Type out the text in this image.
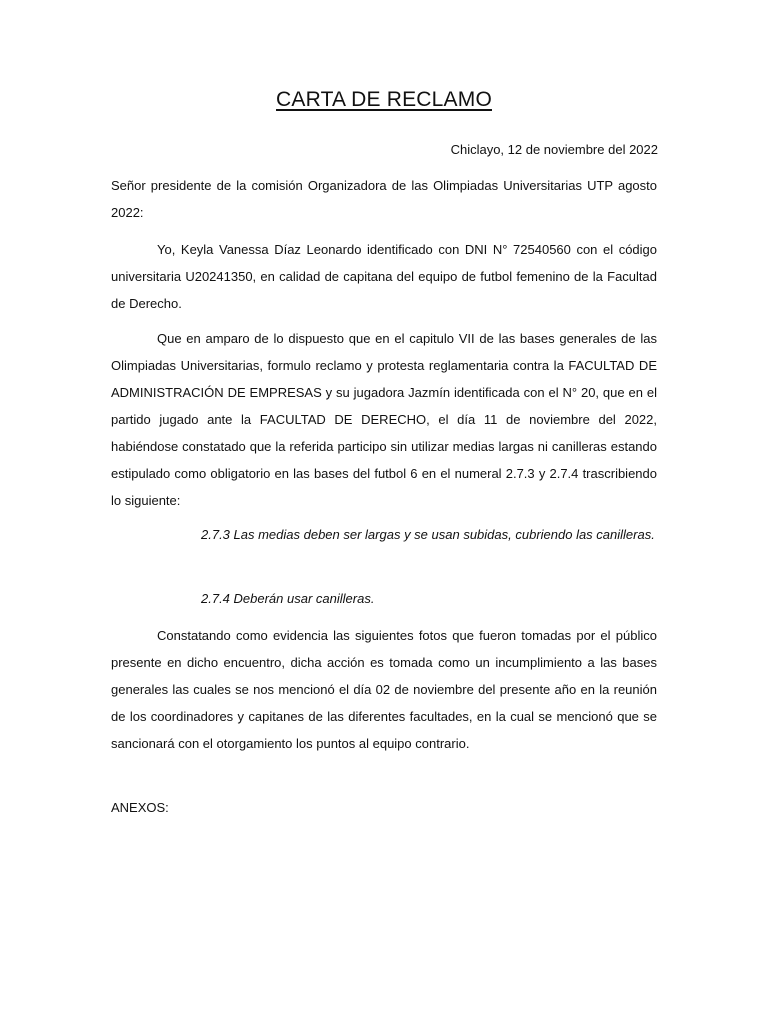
CARTA DE RECLAMO
Chiclayo, 12 de noviembre del 2022
Señor presidente de la comisión Organizadora de las Olimpiadas Universitarias UTP agosto 2022:
Yo, Keyla Vanessa Díaz Leonardo identificado con DNI N° 72540560 con el código universitaria U20241350, en calidad de capitana del equipo de futbol femenino de la Facultad de Derecho.
Que en amparo de lo dispuesto que en el capitulo VII de las bases generales de las Olimpiadas Universitarias, formulo reclamo y protesta reglamentaria contra la FACULTAD DE ADMINISTRACIÓN DE EMPRESAS y su jugadora Jazmín identificada con el N° 20, que en el partido jugado ante la FACULTAD DE DERECHO, el día 11 de noviembre del 2022, habiéndose constatado que la referida participo sin utilizar medias largas ni canilleras estando estipulado como obligatorio en las bases del futbol 6 en el numeral 2.7.3 y 2.7.4 trascribiendo lo siguiente:
2.7.3 Las medias deben ser largas y se usan subidas, cubriendo las canilleras.
2.7.4 Deberán usar canilleras.
Constatando como evidencia las siguientes fotos que fueron tomadas por el público presente en dicho encuentro, dicha acción es tomada como un incumplimiento a las bases generales las cuales se nos mencionó el día 02 de noviembre del presente año en la reunión de los coordinadores y capitanes de las diferentes facultades, en la cual se mencionó que se sancionará con el otorgamiento los puntos al equipo contrario.
ANEXOS:
